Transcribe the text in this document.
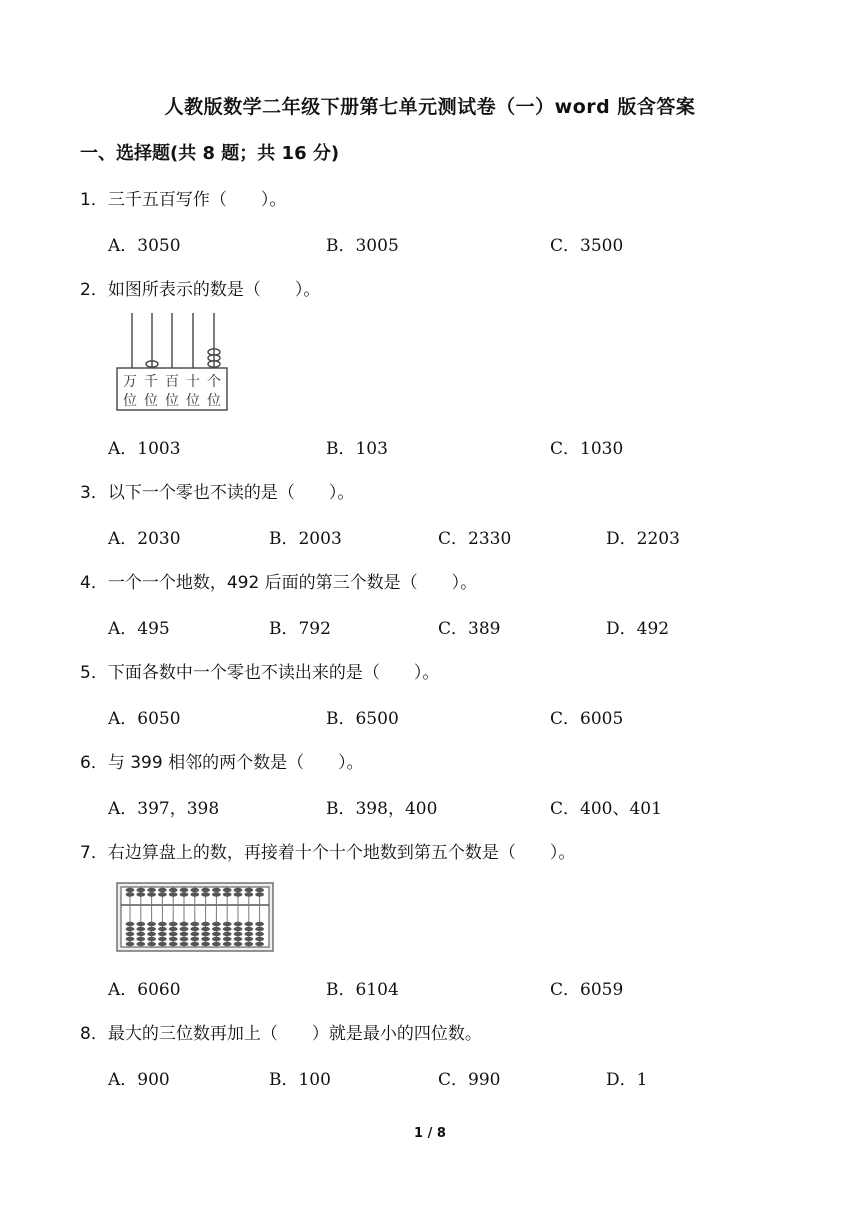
人教版数学二年级下册第七单元测试卷（一）word 版含答案
一、选择题(共 8 题；共 16 分)
1．三千五百写作（　　）。
A．3050	B．3005	C．3500
2．如图所表示的数是（　　）。
万 千 百 十 个
位 位 位 位 位
A．1003	B．103	C．1030
3．以下一个零也不读的是（　　）。
A．2030	B．2003	C．2330	D．2203
4．一个一个地数，492 后面的第三个数是（　　）。
A．495	B．792	C．389	D．492
5．下面各数中一个零也不读出来的是（　　）。
A．6050	B．6500	C．6005
6．与 399 相邻的两个数是（　　）。
A．397，398	B．398，400	C．400、401
7．右边算盘上的数，再接着十个十个地数到第五个数是（　　）。
A．6060	B．6104	C．6059
8．最大的三位数再加上（　　）就是最小的四位数。
A．900	B．100	C．990	D．1
1 / 8
